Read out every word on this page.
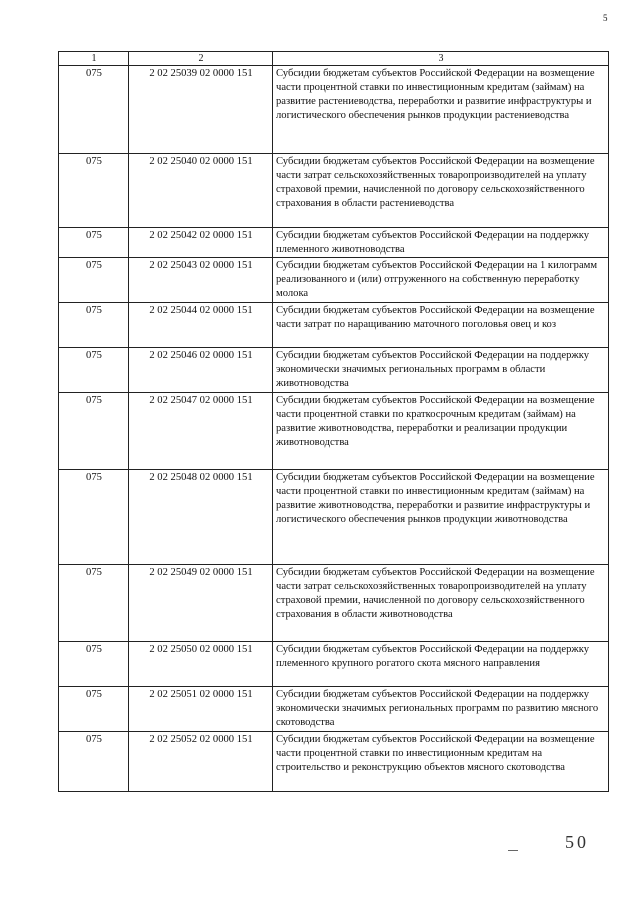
5
1	2	3
075	2 02 25039 02 0000 151	Субсидии бюджетам субъектов Российской Федерации на возмещение части процентной ставки по инвестиционным кредитам (займам) на развитие растениеводства, переработки и развитие инфраструктуры и логистического обеспечения рынков продукции растениеводства
075	2 02 25040 02 0000 151	Субсидии бюджетам субъектов Российской Федерации на возмещение части затрат сельскохозяйственных товаропроизводителей на уплату страховой премии, начисленной по договору сельскохозяйственного страхования в области растениеводства
075	2 02 25042 02 0000 151	Субсидии бюджетам субъектов Российской Федерации на поддержку племенного животноводства
075	2 02 25043 02 0000 151	Субсидии бюджетам субъектов Российской Федерации на 1 килограмм реализованного и (или) отгруженного на собственную переработку молока
075	2 02 25044 02 0000 151	Субсидии бюджетам субъектов Российской Федерации на возмещение части затрат по наращиванию маточного поголовья овец и коз
075	2 02 25046 02 0000 151	Субсидии бюджетам субъектов Российской Федерации на поддержку экономически значимых региональных программ в области животноводства
075	2 02 25047 02 0000 151	Субсидии бюджетам субъектов Российской Федерации на возмещение части процентной ставки по краткосрочным кредитам (займам) на развитие животноводства, переработки и реализации продукции животноводства
075	2 02 25048 02 0000 151	Субсидии бюджетам субъектов Российской Федерации на возмещение части процентной ставки по инвестиционным кредитам (займам) на развитие животноводства, переработки и развитие инфраструктуры и логистического обеспечения рынков продукции животноводства
075	2 02 25049 02 0000 151	Субсидии бюджетам субъектов Российской Федерации на возмещение части затрат сельскохозяйственных товаропроизводителей на уплату страховой премии, начисленной по договору сельскохозяйственного страхования в области животноводства
075	2 02 25050 02 0000 151	Субсидии бюджетам субъектов Российской Федерации на поддержку племенного крупного рогатого скота мясного направления
075	2 02 25051 02 0000 151	Субсидии бюджетам субъектов Российской Федерации на поддержку экономически значимых региональных программ по развитию мясного скотоводства
075	2 02 25052 02 0000 151	Субсидии бюджетам субъектов Российской Федерации на возмещение части процентной ставки по инвестиционным кредитам на строительство и реконструкцию объектов мясного скотоводства
50
